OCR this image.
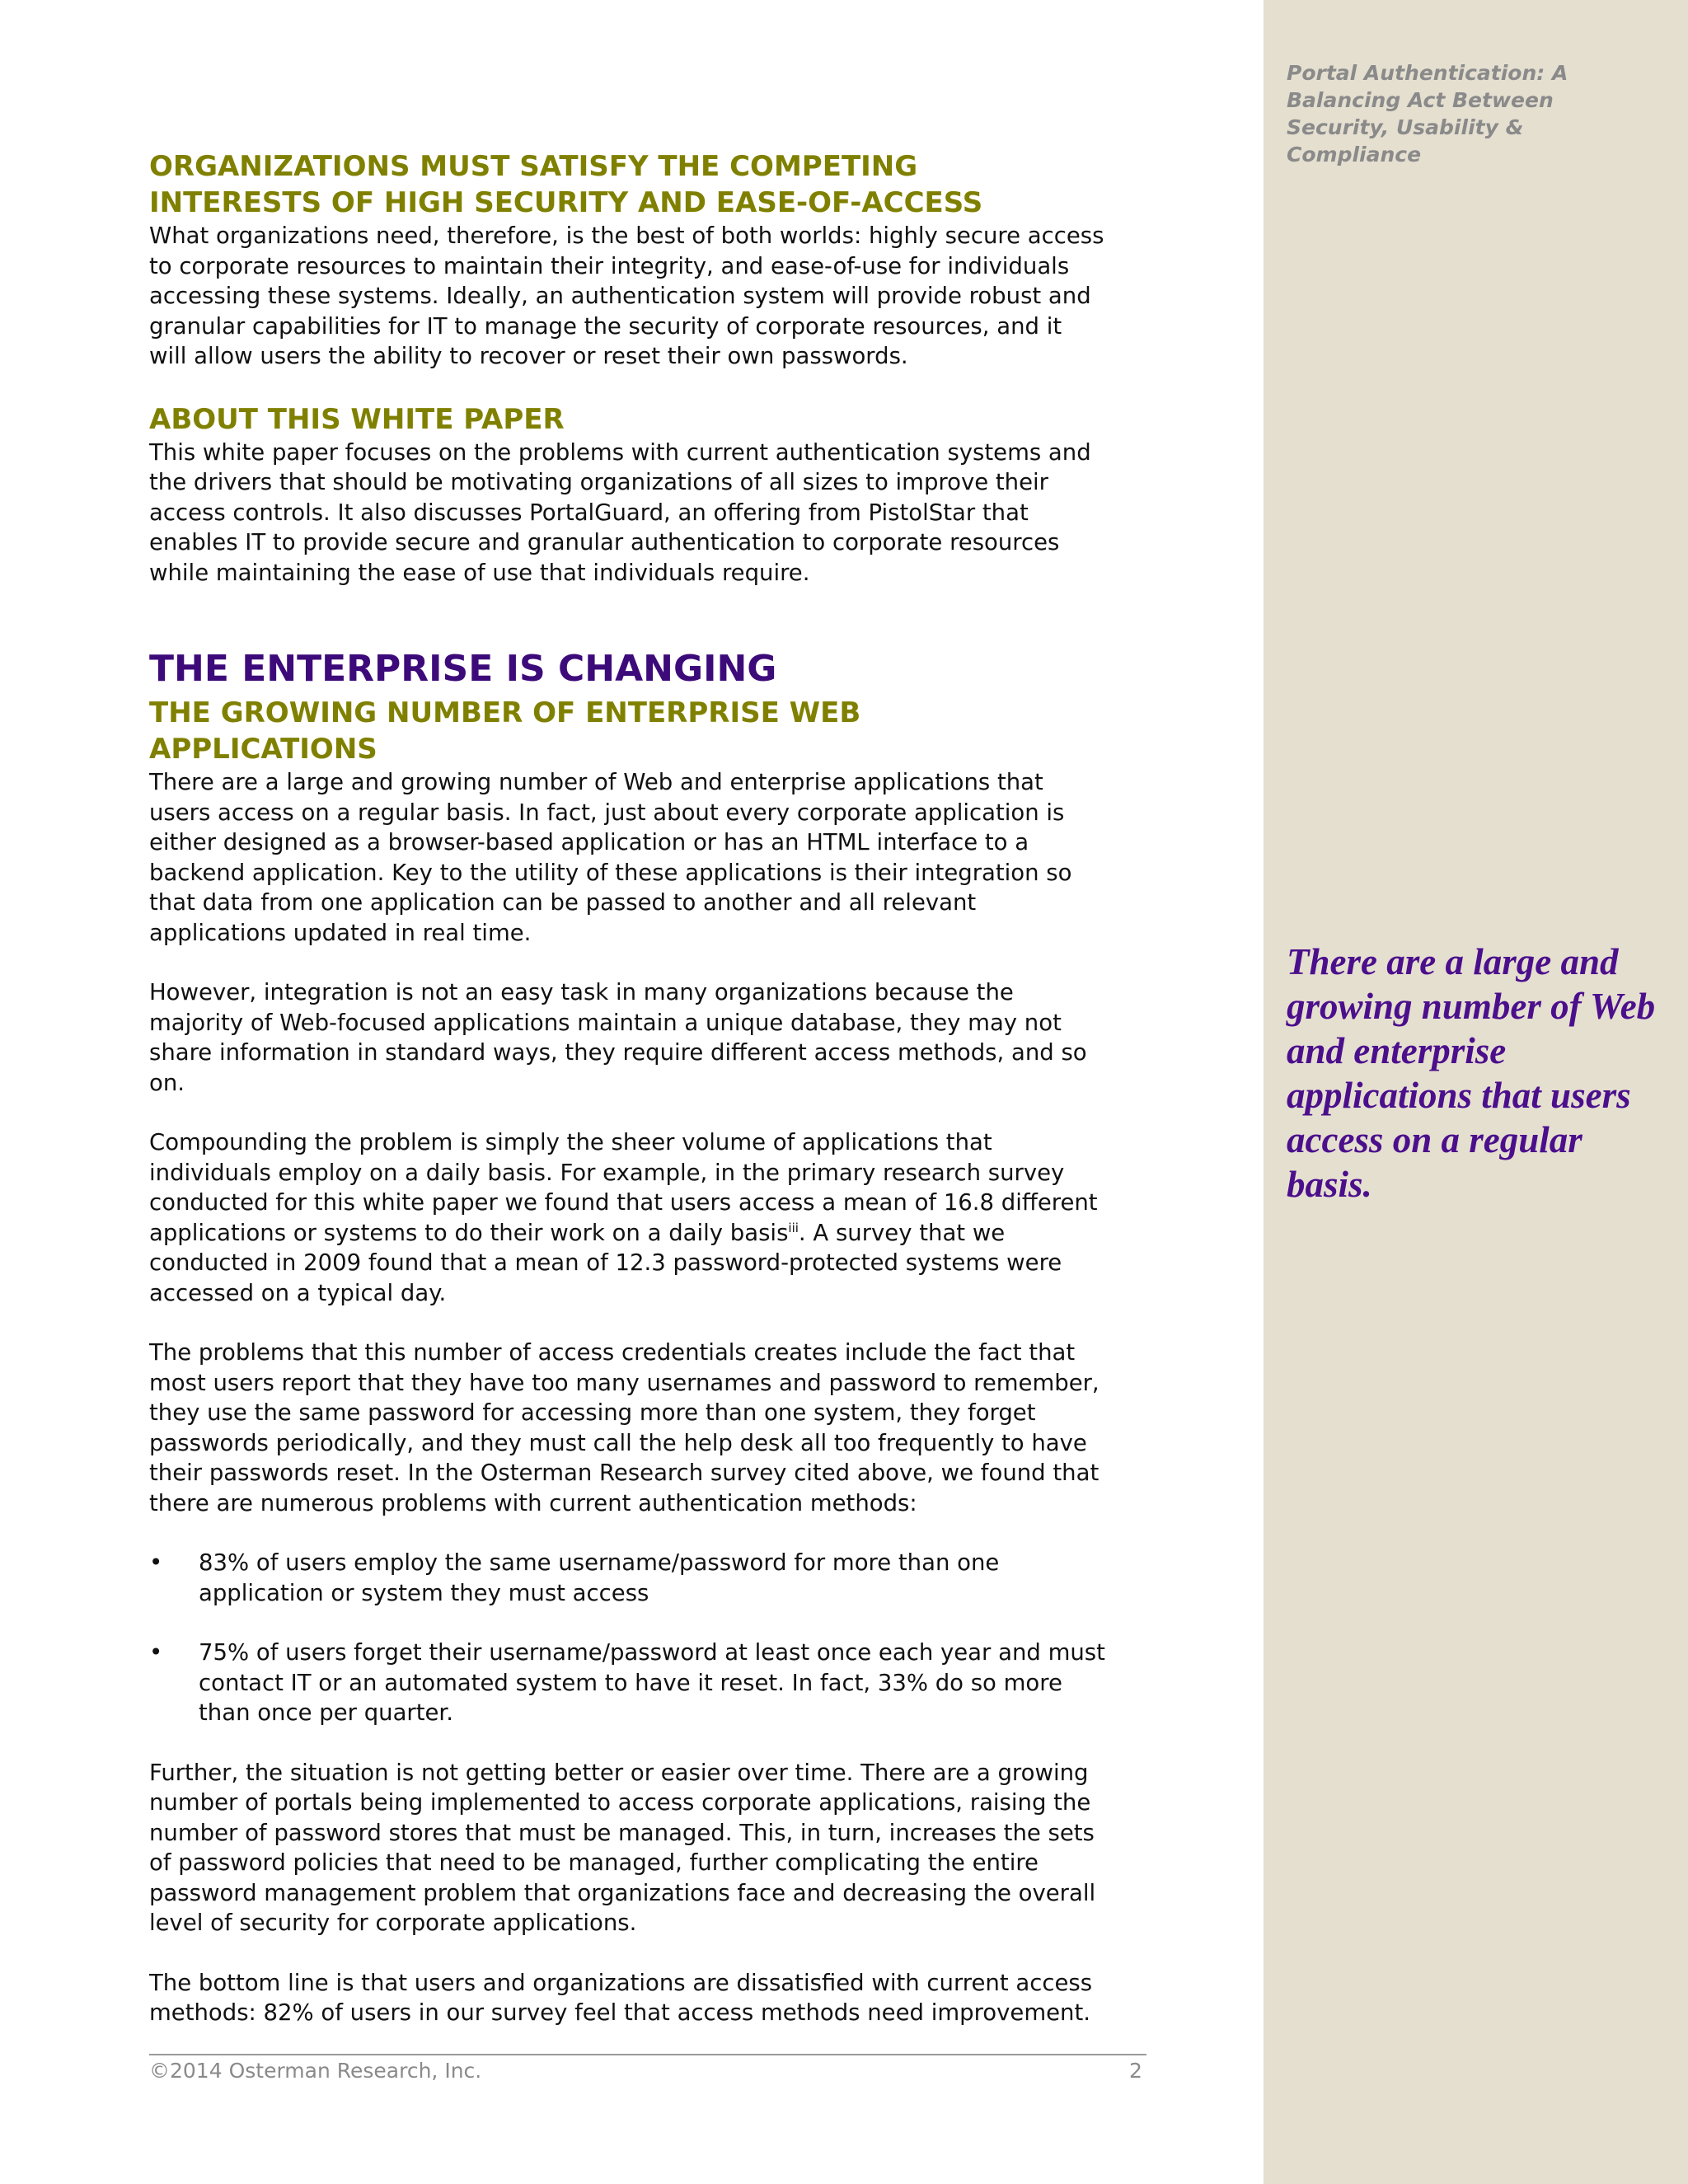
Portal Authentication: A Balancing Act Between Security, Usability & Compliance

There are a large and growing number of Web and enterprise applications that users access on a regular basis.

ORGANIZATIONS MUST SATISFY THE COMPETING INTERESTS OF HIGH SECURITY AND EASE-OF-ACCESS

What organizations need, therefore, is the best of both worlds: highly secure access to corporate resources to maintain their integrity, and ease-of-use for individuals accessing these systems. Ideally, an authentication system will provide robust and granular capabilities for IT to manage the security of corporate resources, and it will allow users the ability to recover or reset their own passwords.

ABOUT THIS WHITE PAPER

This white paper focuses on the problems with current authentication systems and the drivers that should be motivating organizations of all sizes to improve their access controls. It also discusses PortalGuard, an offering from PistolStar that enables IT to provide secure and granular authentication to corporate resources while maintaining the ease of use that individuals require.

THE ENTERPRISE IS CHANGING
THE GROWING NUMBER OF ENTERPRISE WEB APPLICATIONS

There are a large and growing number of Web and enterprise applications that users access on a regular basis. In fact, just about every corporate application is either designed as a browser-based application or has an HTML interface to a backend application. Key to the utility of these applications is their integration so that data from one application can be passed to another and all relevant applications updated in real time.

However, integration is not an easy task in many organizations because the majority of Web-focused applications maintain a unique database, they may not share information in standard ways, they require different access methods, and so on.

Compounding the problem is simply the sheer volume of applications that individuals employ on a daily basis. For example, in the primary research survey conducted for this white paper we found that users access a mean of 16.8 different applications or systems to do their work on a daily basis$^{iii}$. A survey that we conducted in 2009 found that a mean of 12.3 password-protected systems were accessed on a typical day.

The problems that this number of access credentials creates include the fact that most users report that they have too many usernames and password to remember, they use the same password for accessing more than one system, they forget passwords periodically, and they must call the help desk all too frequently to have their passwords reset. In the Osterman Research survey cited above, we found that there are numerous problems with current authentication methods:

• 83% of users employ the same username/password for more than one application or system they must access
• 75% of users forget their username/password at least once each year and must contact IT or an automated system to have it reset. In fact, 33% do so more than once per quarter.

Further, the situation is not getting better or easier over time. There are a growing number of portals being implemented to access corporate applications, raising the number of password stores that must be managed. This, in turn, increases the sets of password policies that need to be managed, further complicating the entire password management problem that organizations face and decreasing the overall level of security for corporate applications.

The bottom line is that users and organizations are dissatisfied with current access methods: 82% of users in our survey feel that access methods need improvement.

©2014 Osterman Research, Inc.	2
